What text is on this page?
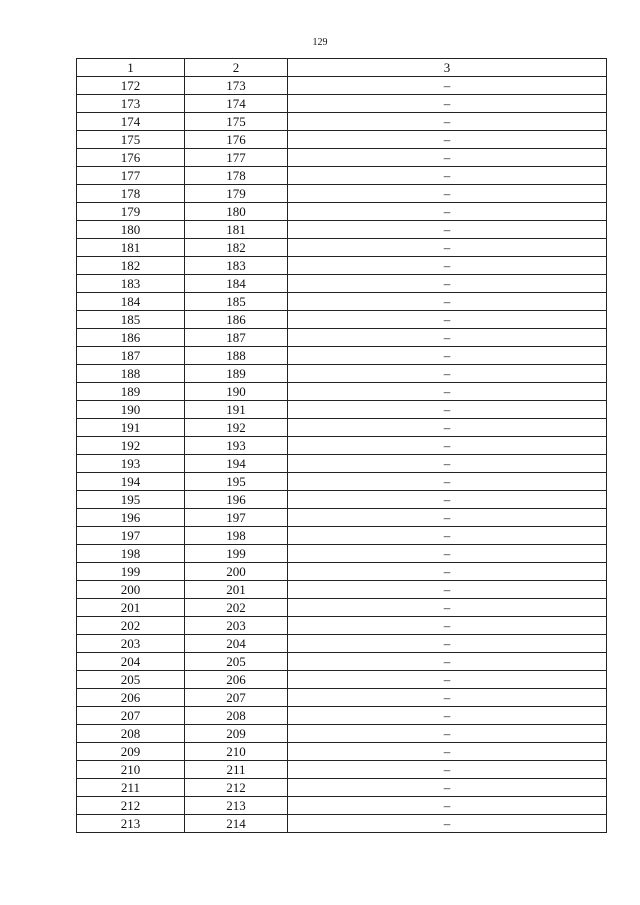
129
1	2	3
172	173	–
173	174	–
174	175	–
175	176	–
176	177	–
177	178	–
178	179	–
179	180	–
180	181	–
181	182	–
182	183	–
183	184	–
184	185	–
185	186	–
186	187	–
187	188	–
188	189	–
189	190	–
190	191	–
191	192	–
192	193	–
193	194	–
194	195	–
195	196	–
196	197	–
197	198	–
198	199	–
199	200	–
200	201	–
201	202	–
202	203	–
203	204	–
204	205	–
205	206	–
206	207	–
207	208	–
208	209	–
209	210	–
210	211	–
211	212	–
212	213	–
213	214	–
